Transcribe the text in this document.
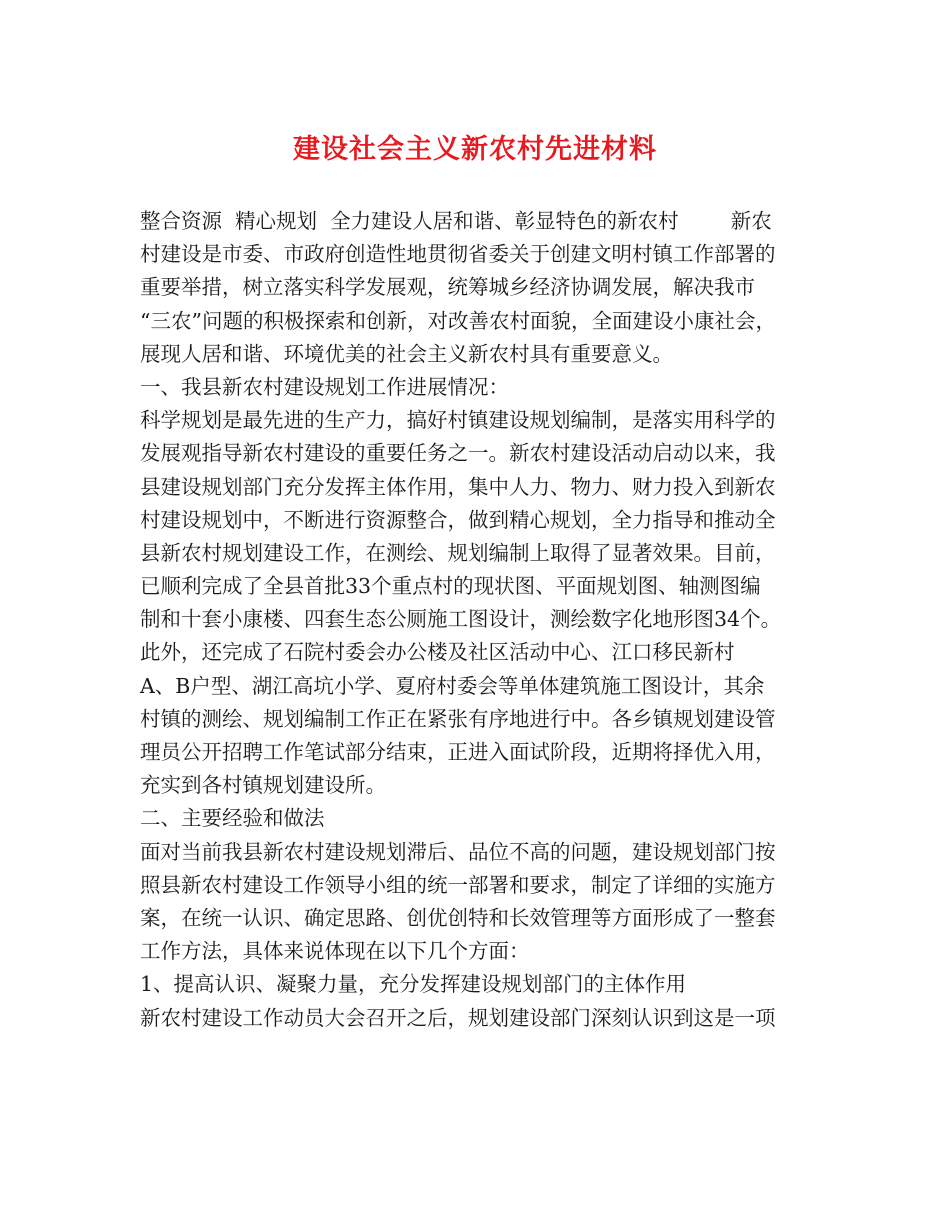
建设社会主义新农村先进材料
整合资源  精心规划  全力建设人居和谐、彰显特色的新农村        新农
村建设是市委、市政府创造性地贯彻省委关于创建文明村镇工作部署的
重要举措，树立落实科学发展观，统筹城乡经济协调发展，解决我市
“三农”问题的积极探索和创新，对改善农村面貌，全面建设小康社会，
展现人居和谐、环境优美的社会主义新农村具有重要意义。
一、我县新农村建设规划工作进展情况：
科学规划是最先进的生产力，搞好村镇建设规划编制，是落实用科学的
发展观指导新农村建设的重要任务之一。新农村建设活动启动以来，我
县建设规划部门充分发挥主体作用，集中人力、物力、财力投入到新农
村建设规划中，不断进行资源整合，做到精心规划，全力指导和推动全
县新农村规划建设工作，在测绘、规划编制上取得了显著效果。目前，
已顺利完成了全县首批33个重点村的现状图、平面规划图、轴测图编
制和十套小康楼、四套生态公厕施工图设计，测绘数字化地形图34个。
此外，还完成了石院村委会办公楼及社区活动中心、江口移民新村
A、B户型、湖江高坑小学、夏府村委会等单体建筑施工图设计，其余
村镇的测绘、规划编制工作正在紧张有序地进行中。各乡镇规划建设管
理员公开招聘工作笔试部分结束，正进入面试阶段，近期将择优入用，
充实到各村镇规划建设所。
二、主要经验和做法
面对当前我县新农村建设规划滞后、品位不高的问题，建设规划部门按
照县新农村建设工作领导小组的统一部署和要求，制定了详细的实施方
案，在统一认识、确定思路、创优创特和长效管理等方面形成了一整套
工作方法，具体来说体现在以下几个方面：
1、提高认识、凝聚力量，充分发挥建设规划部门的主体作用
新农村建设工作动员大会召开之后，规划建设部门深刻认识到这是一项
